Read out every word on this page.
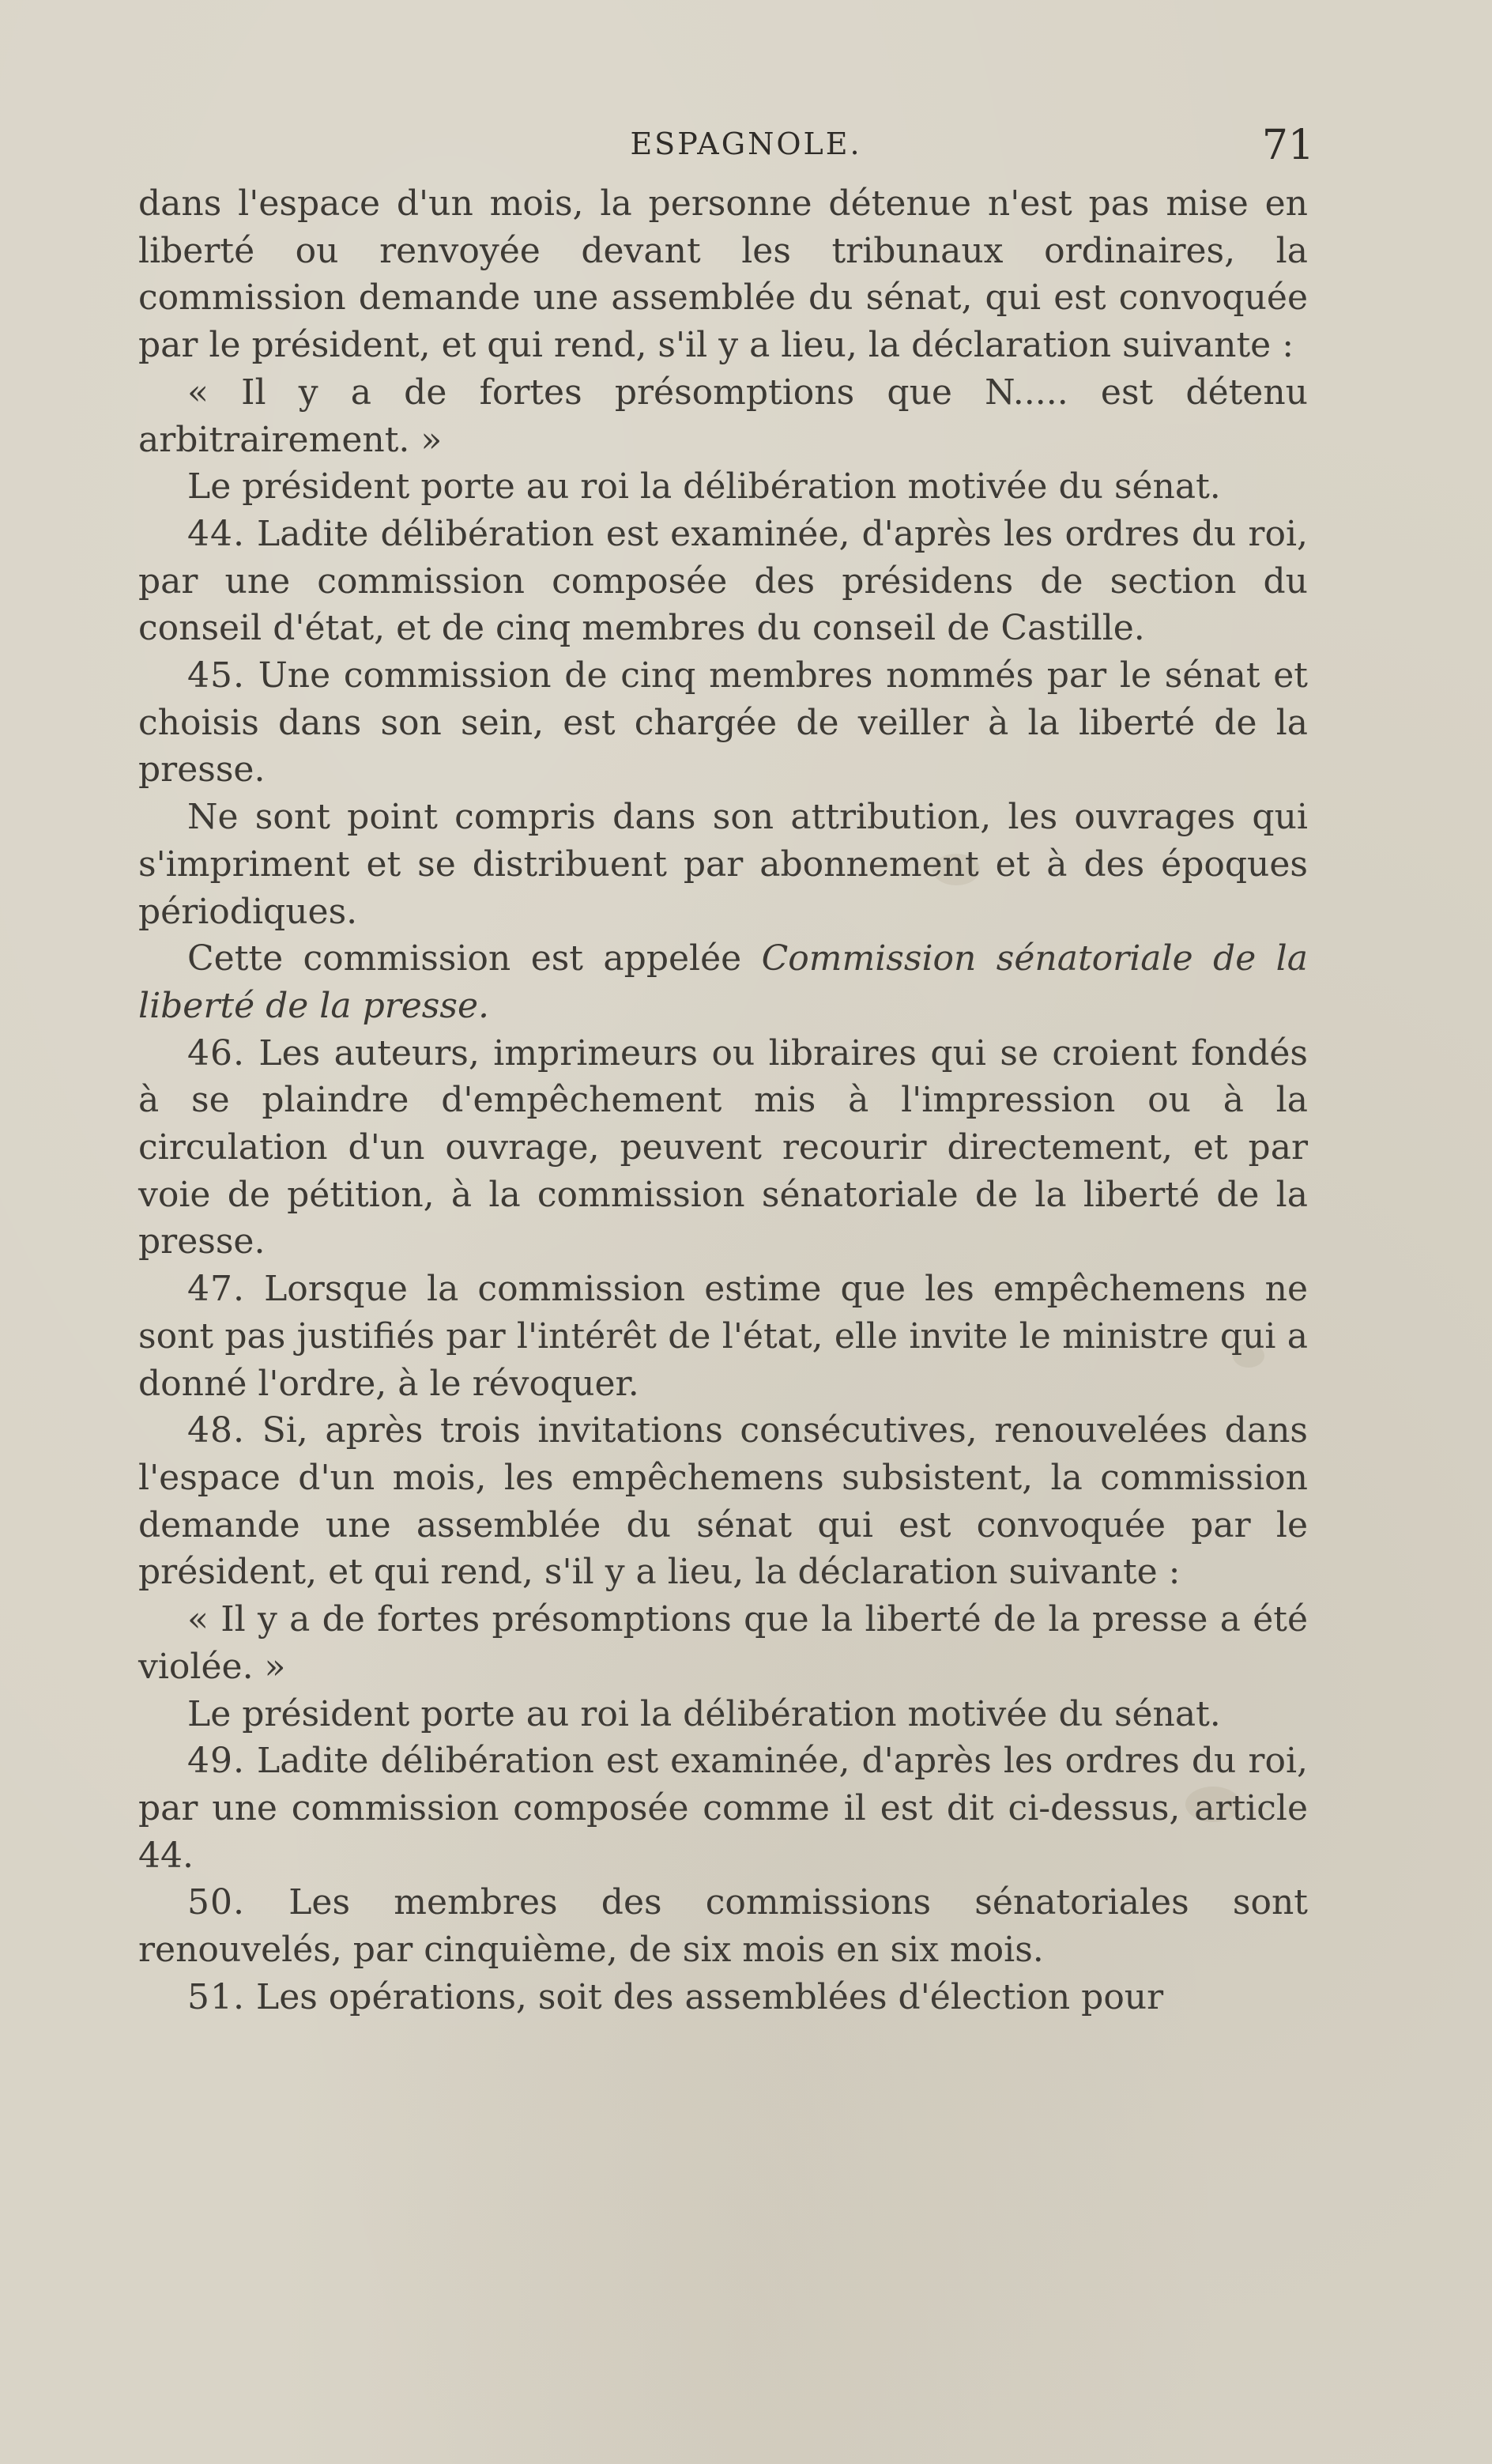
ESPAGNOLE.	71

dans l'espace d'un mois, la personne détenue n'est pas mise en liberté ou renvoyée devant les tribunaux ordinaires, la commission demande une assemblée du sénat, qui est convoquée par le président, et qui rend, s'il y a lieu, la déclaration suivante :

« Il y a de fortes présomptions que N..... est détenu arbitrairement. »

Le président porte au roi la délibération motivée du sénat.

44. Ladite délibération est examinée, d'après les ordres du roi, par une commission composée des présidens de section du conseil d'état, et de cinq membres du conseil de Castille.

45. Une commission de cinq membres nommés par le sénat et choisis dans son sein, est chargée de veiller à la liberté de la presse.

Ne sont point compris dans son attribution, les ouvrages qui s'impriment et se distribuent par abonnement et à des époques périodiques.

Cette commission est appelée Commission sénatoriale de la liberté de la presse.

46. Les auteurs, imprimeurs ou libraires qui se croient fondés à se plaindre d'empêchement mis à l'impression ou à la circulation d'un ouvrage, peuvent recourir directement, et par voie de pétition, à la commission sénatoriale de la liberté de la presse.

47. Lorsque la commission estime que les empêchemens ne sont pas justifiés par l'intérêt de l'état, elle invite le ministre qui a donné l'ordre, à le révoquer.

48. Si, après trois invitations consécutives, renouvelées dans l'espace d'un mois, les empêchemens subsistent, la commission demande une assemblée du sénat qui est convoquée par le président, et qui rend, s'il y a lieu, la déclaration suivante :

« Il y a de fortes présomptions que la liberté de la presse a été violée. »

Le président porte au roi la délibération motivée du sénat.

49. Ladite délibération est examinée, d'après les ordres du roi, par une commission composée comme il est dit ci-dessus, article 44.

50. Les membres des commissions sénatoriales sont renouvelés, par cinquième, de six mois en six mois.

51. Les opérations, soit des assemblées d'élection pour
